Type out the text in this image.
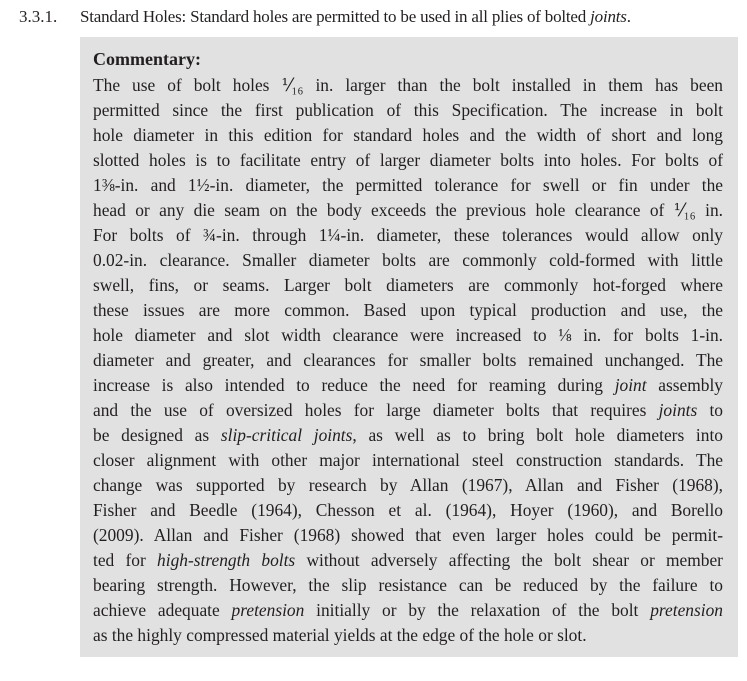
3.3.1. Standard Holes: Standard holes are permitted to be used in all plies of bolted joints.
Commentary:
The use of bolt holes ⅟₁₆ in. larger than the bolt installed in them has been
permitted since the first publication of this Specification. The increase in bolt
hole diameter in this edition for standard holes and the width of short and long
slotted holes is to facilitate entry of larger diameter bolts into holes. For bolts of
1⅜-in. and 1½-in. diameter, the permitted tolerance for swell or fin under the
head or any die seam on the body exceeds the previous hole clearance of ⅟₁₆ in.
For bolts of ¾-in. through 1¼-in. diameter, these tolerances would allow only
0.02-in. clearance. Smaller diameter bolts are commonly cold-formed with little
swell, fins, or seams. Larger bolt diameters are commonly hot-forged where
these issues are more common. Based upon typical production and use, the
hole diameter and slot width clearance were increased to ⅛ in. for bolts 1-in.
diameter and greater, and clearances for smaller bolts remained unchanged. The
increase is also intended to reduce the need for reaming during joint assembly
and the use of oversized holes for large diameter bolts that requires joints to
be designed as slip-critical joints, as well as to bring bolt hole diameters into
closer alignment with other major international steel construction standards. The
change was supported by research by Allan (1967), Allan and Fisher (1968),
Fisher and Beedle (1964), Chesson et al. (1964), Hoyer (1960), and Borello
(2009). Allan and Fisher (1968) showed that even larger holes could be permit-
ted for high-strength bolts without adversely affecting the bolt shear or member
bearing strength. However, the slip resistance can be reduced by the failure to
achieve adequate pretension initially or by the relaxation of the bolt pretension
as the highly compressed material yields at the edge of the hole or slot.
